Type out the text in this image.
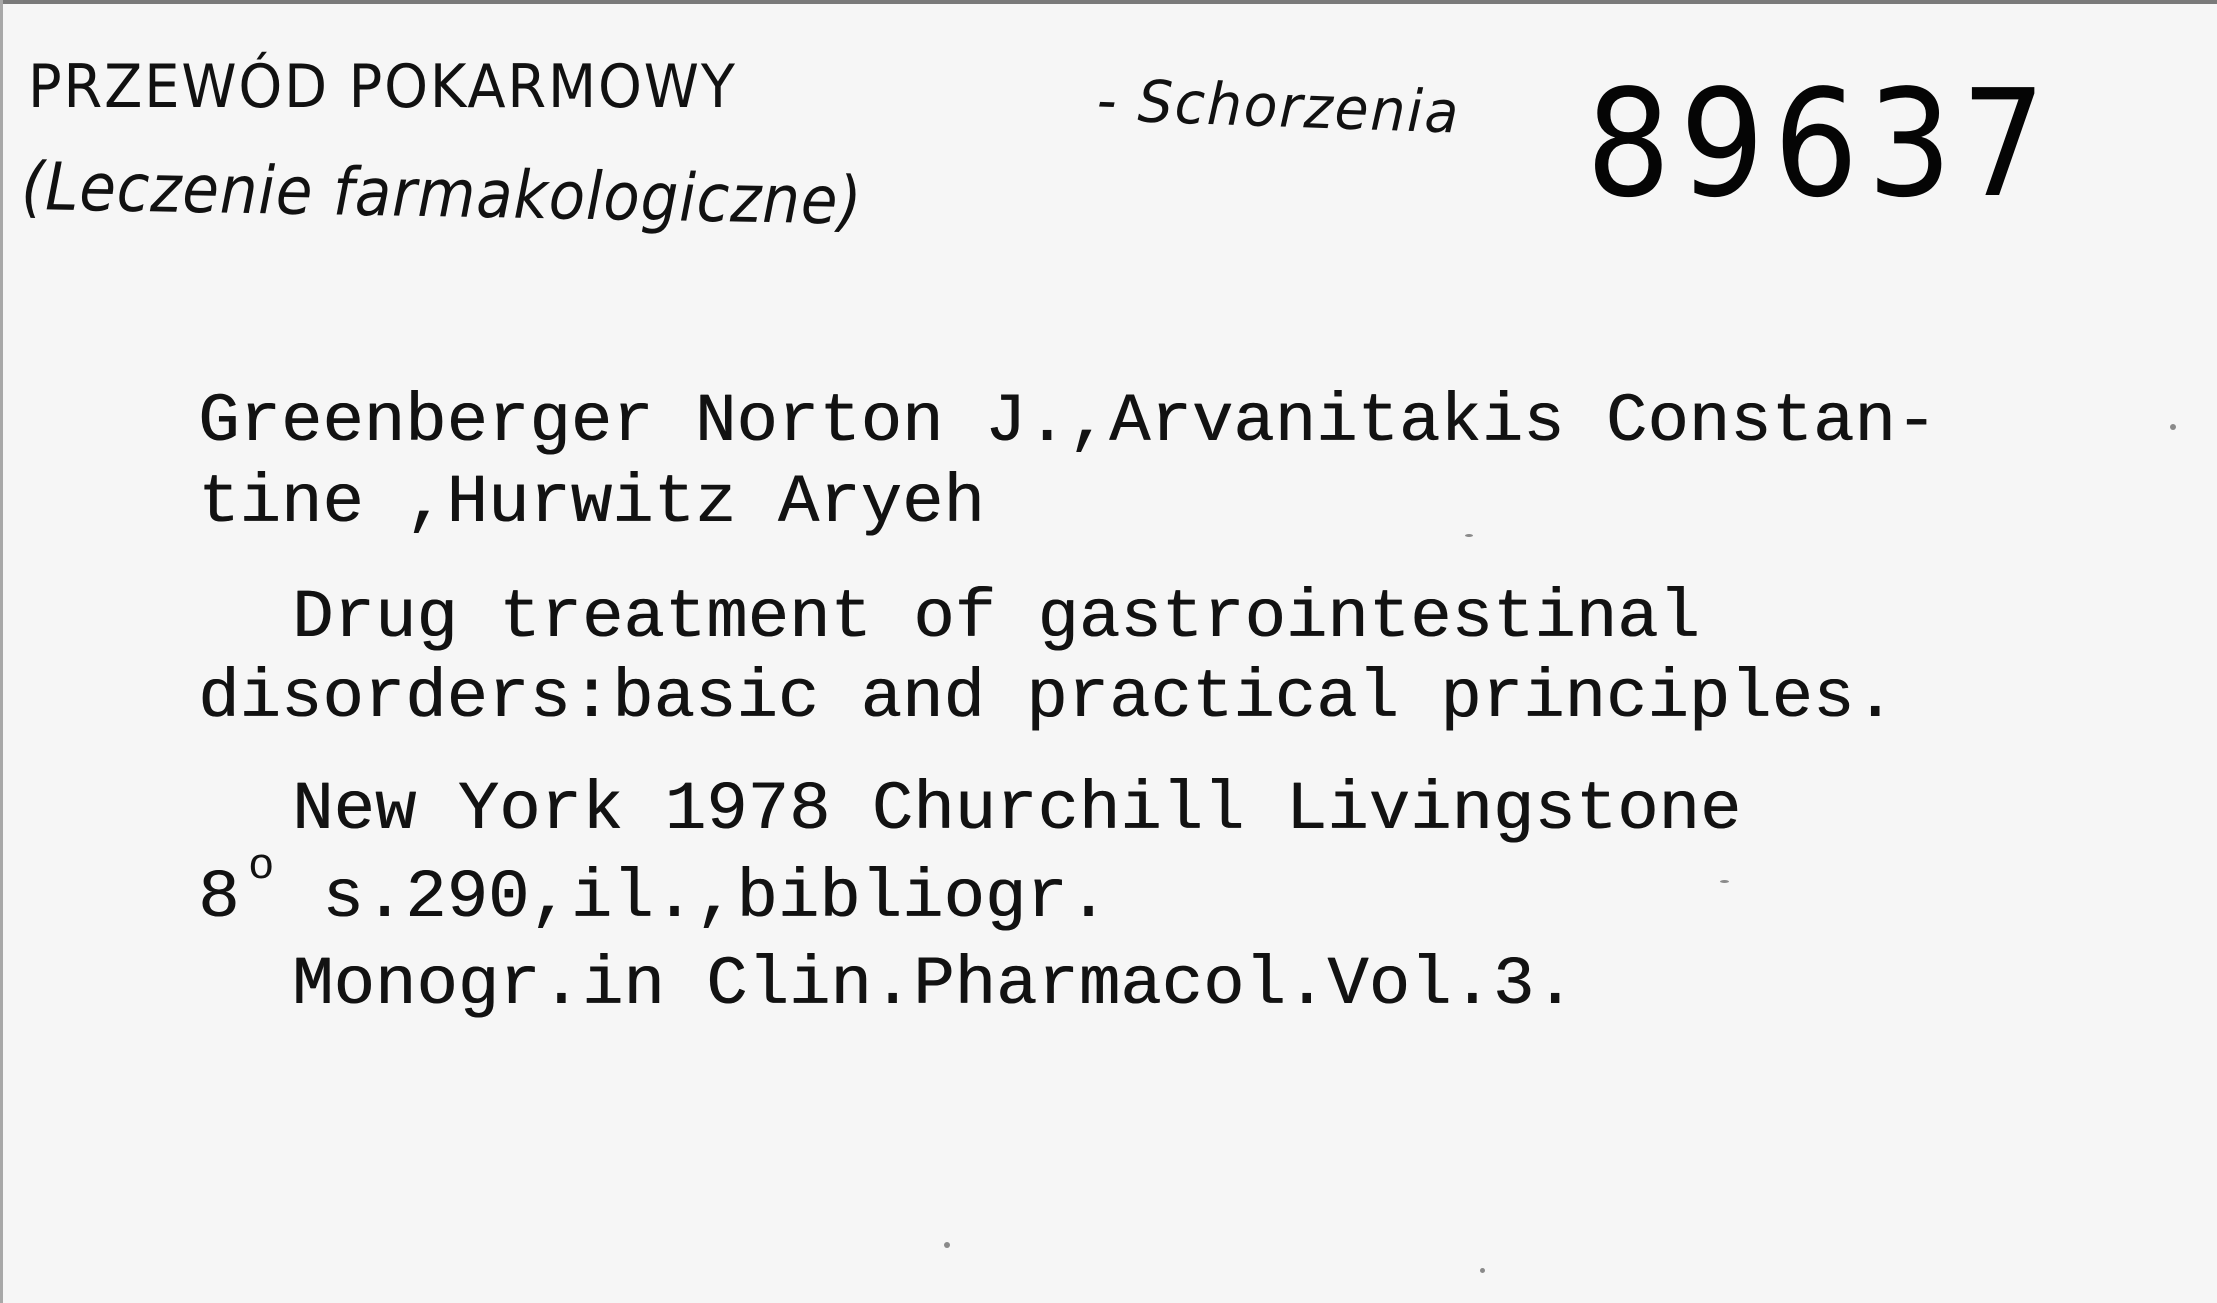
PRZEWÓD POKARMOWY	- Schorzenia
(Leczenie farmakologiczne)	89637
Greenberger Norton J.,Arvanitakis Constan-
tine ,Hurwitz Aryeh
Drug treatment of gastrointestinal
disorders:basic and practical principles.
New York 1978 Churchill Livingstone
8 s.290,il.,bibliogr.
o
Monogr.in Clin.Pharmacol.Vol.3.
